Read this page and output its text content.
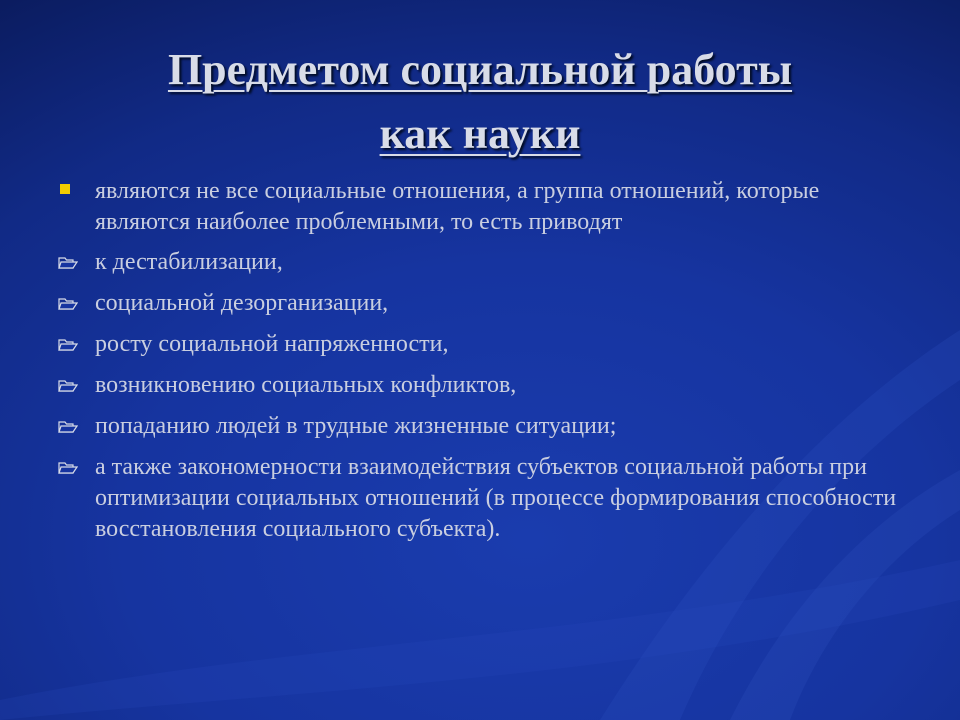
Предметом социальной работы
как науки
являются не все социальные отношения, а группа отношений, которые являются наиболее проблемными, то есть приводят
к дестабилизации,
социальной дезорганизации,
росту социальной напряженности,
возникновению социальных конфликтов,
попаданию людей в трудные жизненные ситуации;
а также закономерности взаимодействия субъектов социальной работы при оптимизации социальных отношений (в процессе формирования способности восстановления социального субъекта).
